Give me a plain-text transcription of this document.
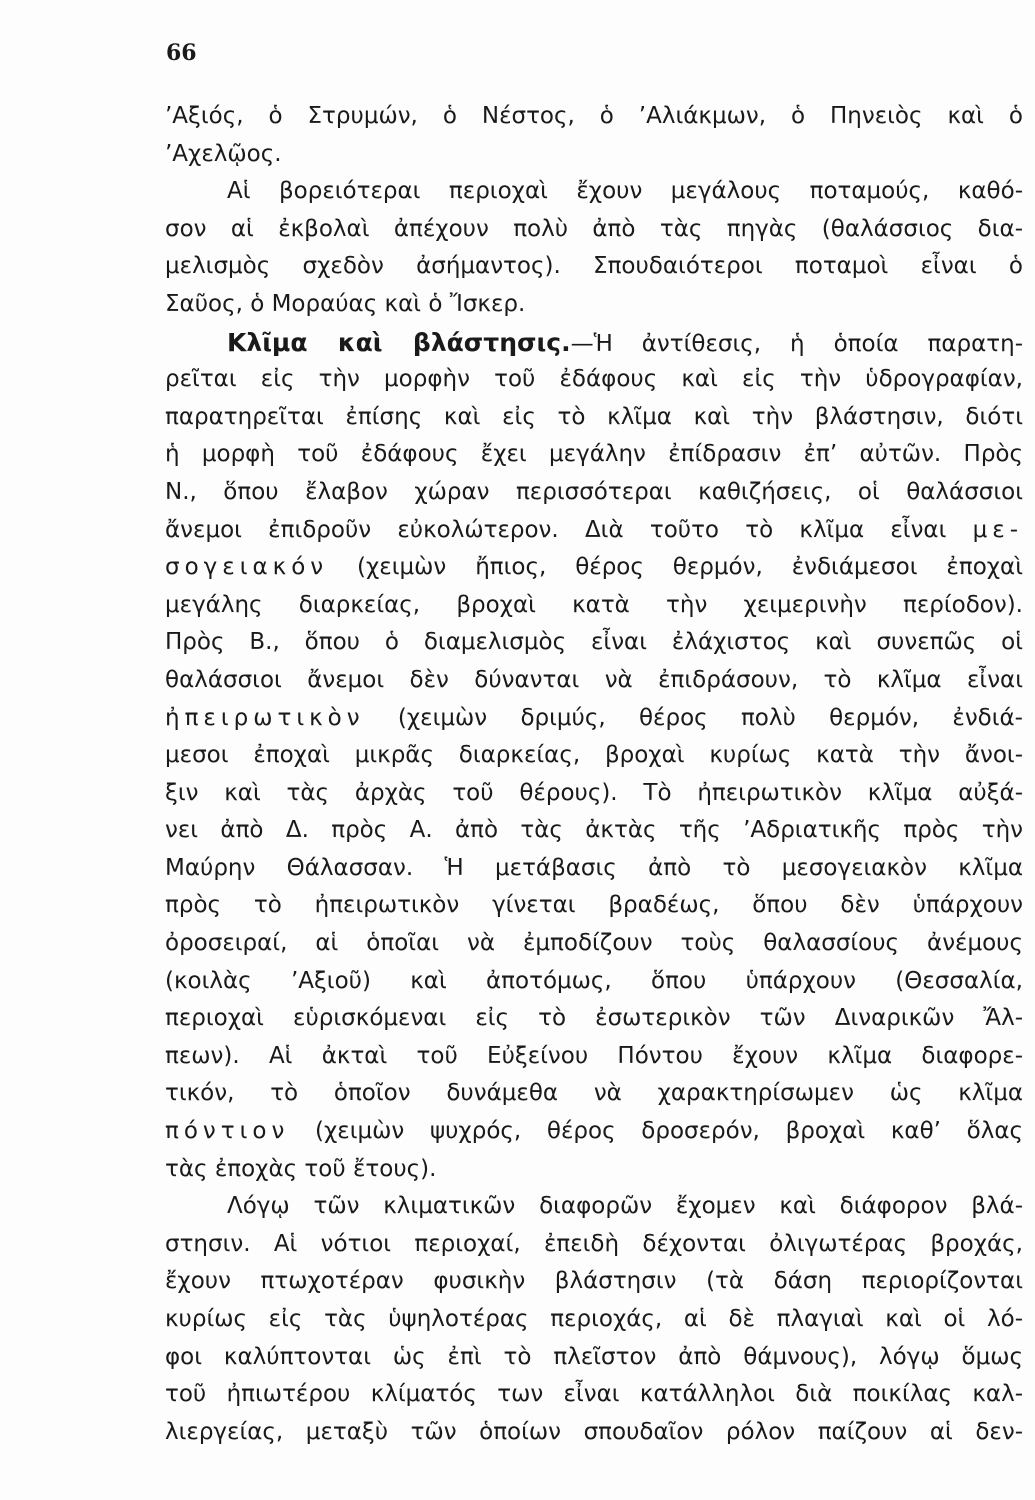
66
’Αξιός, ὁ Στρυμών, ὁ Νέστος, ὁ ’Αλιάκμων, ὁ Πηνειὸς καὶ ὁ
’Αχελῷος.
Αἱ βορειότεραι περιοχαὶ ἔχουν μεγάλους ποταμούς, καθό-
σον αἱ ἐκβολαὶ ἀπέχουν πολὺ ἀπὸ τὰς πηγὰς (θαλάσσιος δια-
μελισμὸς σχεδὸν ἀσήμαντος). Σπουδαιότεροι ποταμοὶ εἶναι ὁ
Σαῦος, ὁ Μοραύας καὶ ὁ Ἴσκερ.
Κλῖμα καὶ βλάστησις.—Ἡ ἀντίθεσις, ἡ ὁποία παρατη-
ρεῖται εἰς τὴν μορφὴν τοῦ ἐδάφους καὶ εἰς τὴν ὑδρογραφίαν,
παρατηρεῖται ἐπίσης καὶ εἰς τὸ κλῖμα καὶ τὴν βλάστησιν, διότι
ἡ μορφὴ τοῦ ἐδάφους ἔχει μεγάλην ἐπίδρασιν ἐπ’ αὐτῶν. Πρὸς
Ν., ὅπου ἔλαβον χώραν περισσότεραι καθιζήσεις, οἱ θαλάσσιοι
ἄνεμοι ἐπιδροῦν εὐκολώτερον. Διὰ τοῦτο τὸ κλῖμα εἶναι με-
σογειακόν (χειμὼν ἤπιος, θέρος θερμόν, ἐνδιάμεσοι ἐποχαὶ
μεγάλης διαρκείας, βροχαὶ κατὰ τὴν χειμερινὴν περίοδον).
Πρὸς Β., ὅπου ὁ διαμελισμὸς εἶναι ἐλάχιστος καὶ συνεπῶς οἱ
θαλάσσιοι ἄνεμοι δὲν δύνανται νὰ ἐπιδράσουν, τὸ κλῖμα εἶναι
ἠπειρωτικὸν (χειμὼν δριμύς, θέρος πολὺ θερμόν, ἐνδιά-
μεσοι ἐποχαὶ μικρᾶς διαρκείας, βροχαὶ κυρίως κατὰ τὴν ἄνοι-
ξιν καὶ τὰς ἀρχὰς τοῦ θέρους). Τὸ ἠπειρωτικὸν κλῖμα αὐξά-
νει ἀπὸ Δ. πρὸς Α. ἀπὸ τὰς ἀκτὰς τῆς ’Αδριατικῆς πρὸς τὴν
Μαύρην Θάλασσαν. Ἡ μετάβασις ἀπὸ τὸ μεσογειακὸν κλῖμα
πρὸς τὸ ἠπειρωτικὸν γίνεται βραδέως, ὅπου δὲν ὑπάρχουν
ὀροσειραί, αἱ ὁποῖαι νὰ ἐμποδίζουν τοὺς θαλασσίους ἀνέμους
(κοιλὰς ’Αξιοῦ) καὶ ἀποτόμως, ὅπου ὑπάρχουν (Θεσσαλία,
περιοχαὶ εὑρισκόμεναι εἰς τὸ ἐσωτερικὸν τῶν Διναρικῶν Ἄλ-
πεων). Αἱ ἀκταὶ τοῦ Εὐξείνου Πόντου ἔχουν κλῖμα διαφορε-
τικόν, τὸ ὁποῖον δυνάμεθα νὰ χαρακτηρίσωμεν ὡς κλῖμα
πόντιον (χειμὼν ψυχρός, θέρος δροσερόν, βροχαὶ καθ’ ὅλας
τὰς ἐποχὰς τοῦ ἔτους).
Λόγῳ τῶν κλιματικῶν διαφορῶν ἔχομεν καὶ διάφορον βλά-
στησιν. Αἱ νότιοι περιοχαί, ἐπειδὴ δέχονται ὀλιγωτέρας βροχάς,
ἔχουν πτωχοτέραν φυσικὴν βλάστησιν (τὰ δάση περιορίζονται
κυρίως εἰς τὰς ὑψηλοτέρας περιοχάς, αἱ δὲ πλαγιαὶ καὶ οἱ λό-
φοι καλύπτονται ὡς ἐπὶ τὸ πλεῖστον ἀπὸ θάμνους), λόγῳ ὅμως
τοῦ ἠπιωτέρου κλίματός των εἶναι κατάλληλοι διὰ ποικίλας καλ-
λιεργείας, μεταξὺ τῶν ὁποίων σπουδαῖον ρόλον παίζουν αἱ δεν-
